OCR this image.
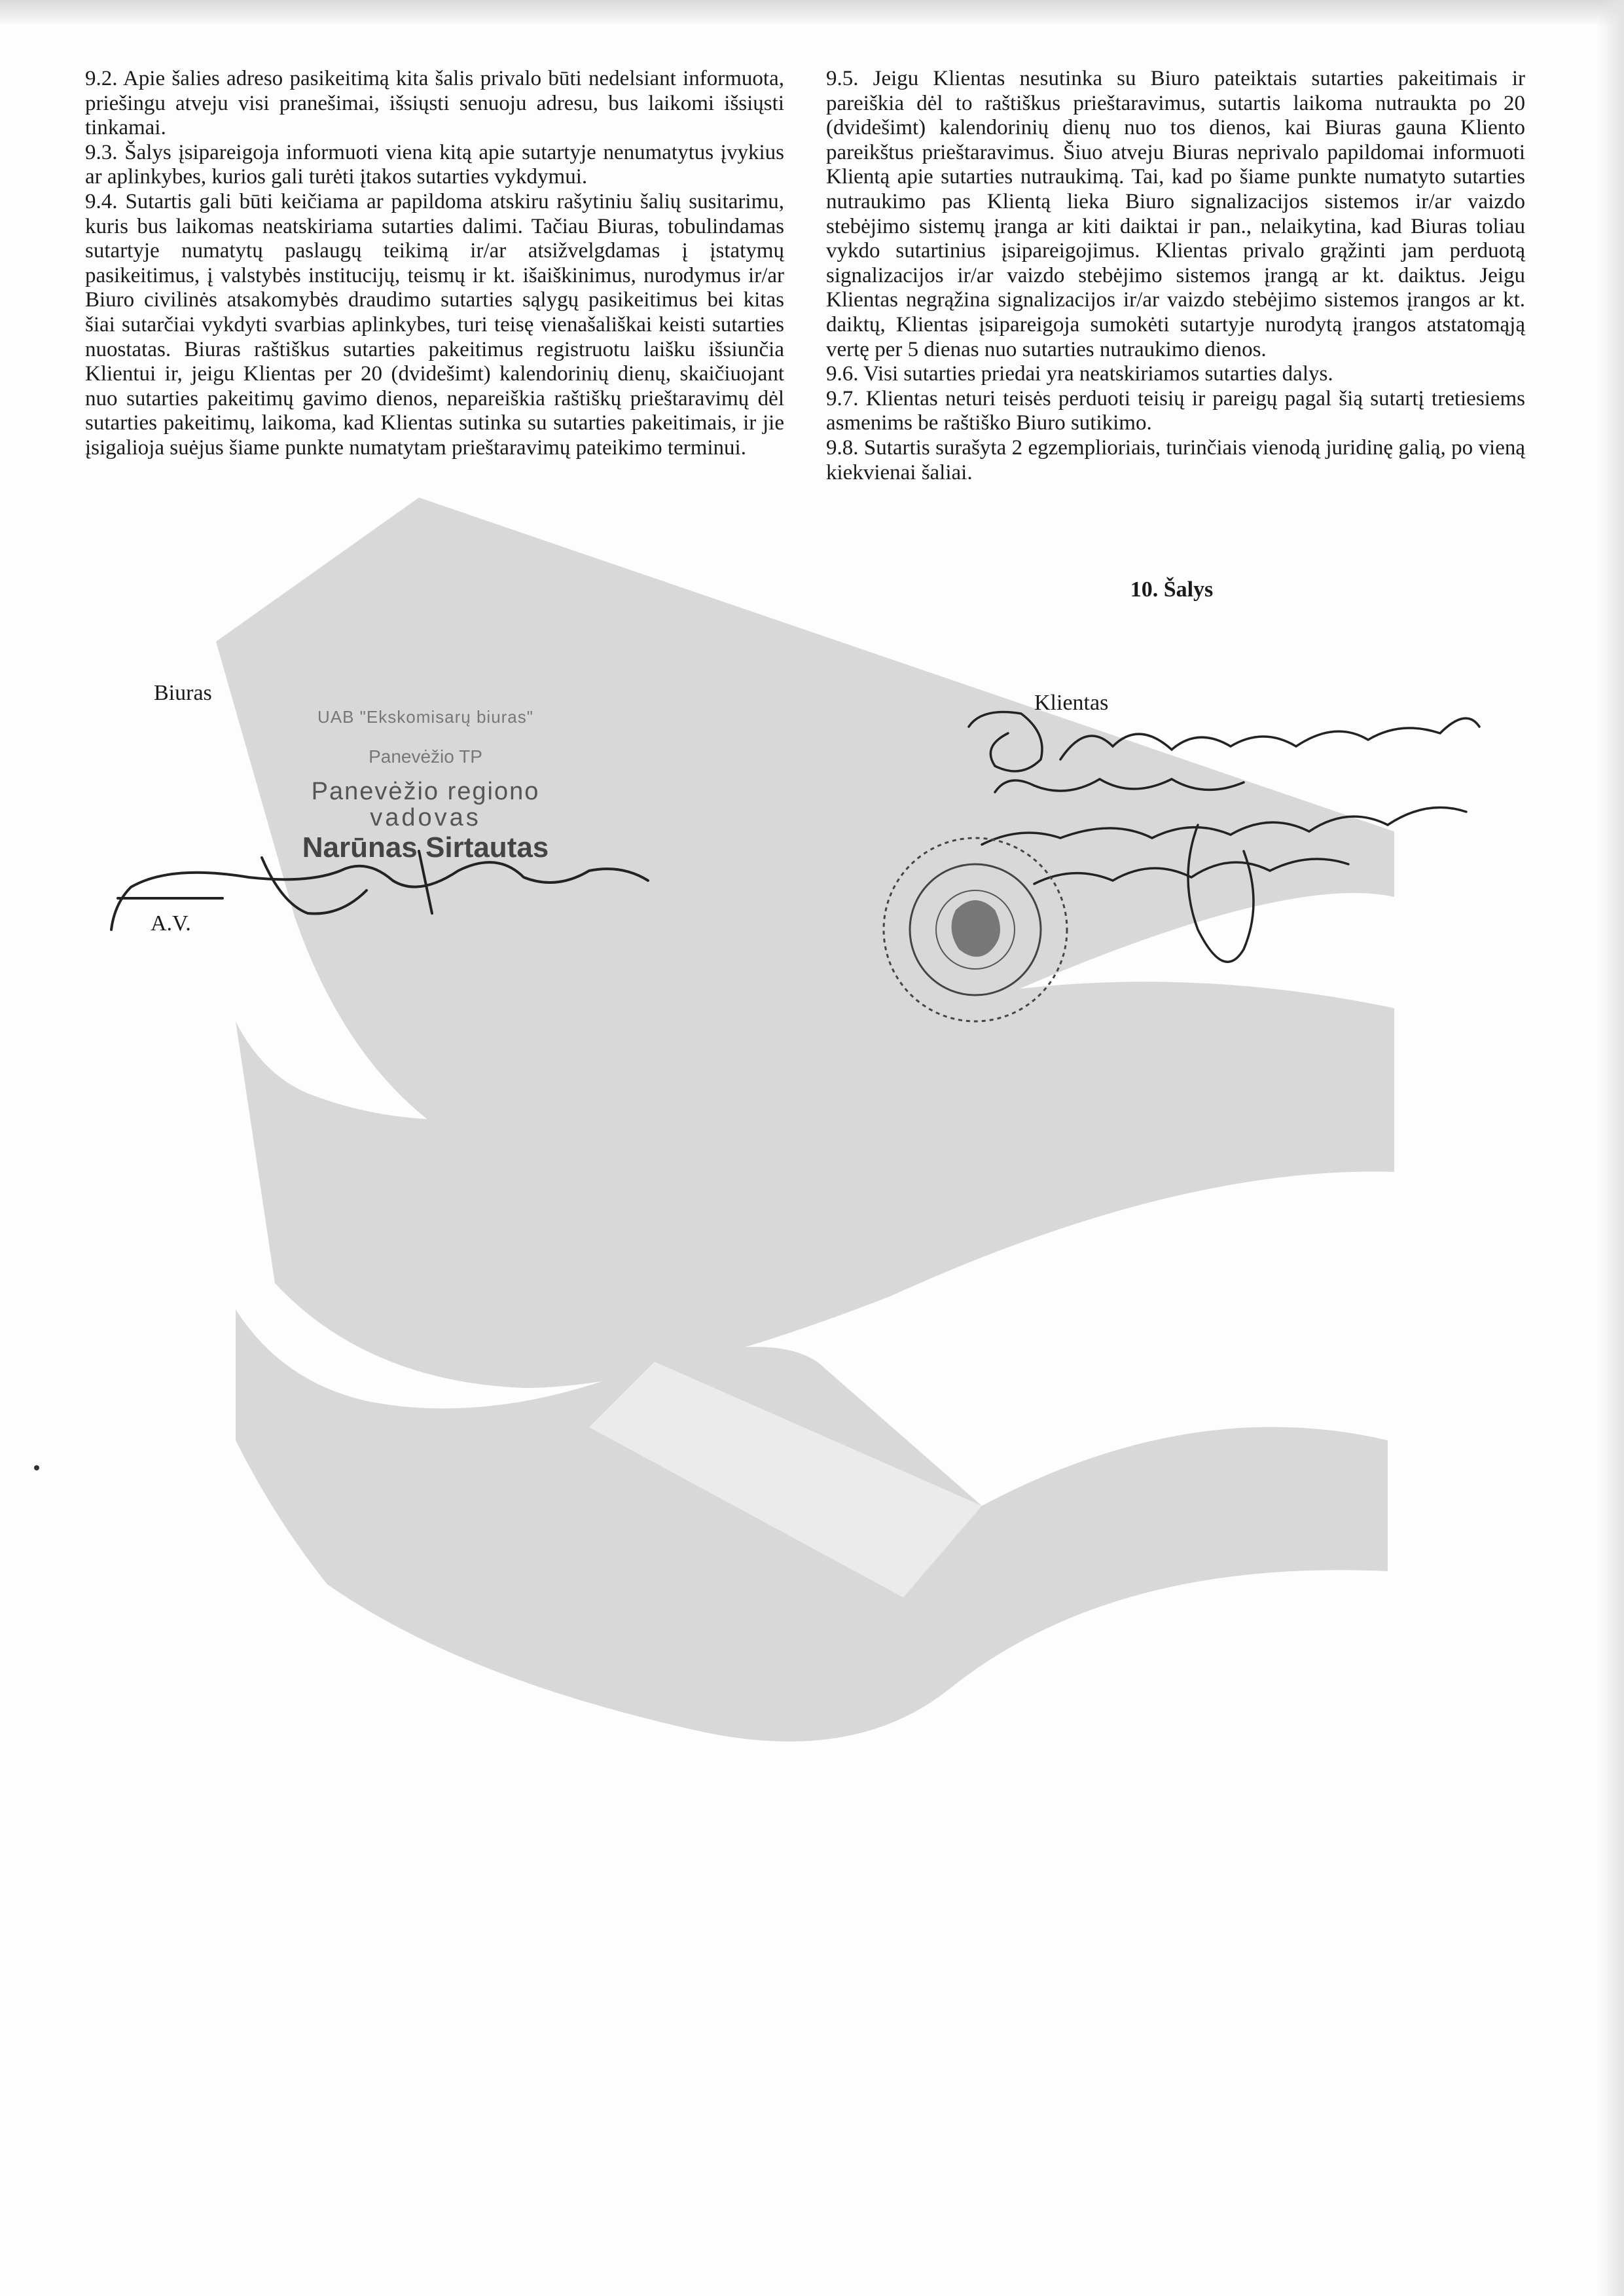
9.2. Apie šalies adreso pasikeitimą kita šalis privalo būti nedelsiant informuota, priešingu atveju visi pranešimai, išsiųsti senuoju adresu, bus laikomi išsiųsti tinkamai.

9.3. Šalys įsipareigoja informuoti viena kitą apie sutartyje nenumatytus įvykius ar aplinkybes, kurios gali turėti įtakos sutarties vykdymui.

9.4. Sutartis gali būti keičiama ar papildoma atskiru rašytiniu šalių susitarimu, kuris bus laikomas neatskiriama sutarties dalimi. Tačiau Biuras, tobulindamas sutartyje numatytų paslaugų teikimą ir/ar atsižvelgdamas į įstatymų pasikeitimus, į valstybės institucijų, teismų ir kt. išaiškinimus, nurodymus ir/ar Biuro civilinės atsakomybės draudimo sutarties sąlygų pasikeitimus bei kitas šiai sutarčiai vykdyti svarbias aplinkybes, turi teisę vienašališkai keisti sutarties nuostatas. Biuras raštiškus sutarties pakeitimus registruotu laišku išsiunčia Klientui ir, jeigu Klientas per 20 (dvidešimt) kalendorinių dienų, skaičiuojant nuo sutarties pakeitimų gavimo dienos, nepareiškia raštiškų prieštaravimų dėl sutarties pakeitimų, laikoma, kad Klientas sutinka su sutarties pakeitimais, ir jie įsigalioja suėjus šiame punkte numatytam prieštaravimų pateikimo terminui.

9.5. Jeigu Klientas nesutinka su Biuro pateiktais sutarties pakeitimais ir pareiškia dėl to raštiškus prieštaravimus, sutartis laikoma nutraukta po 20 (dvidešimt) kalendorinių dienų nuo tos dienos, kai Biuras gauna Kliento pareikštus prieštaravimus. Šiuo atveju Biuras neprivalo papildomai informuoti Klientą apie sutarties nutraukimą. Tai, kad po šiame punkte numatyto sutarties nutraukimo pas Klientą lieka Biuro signalizacijos sistemos ir/ar vaizdo stebėjimo sistemų įranga ar kiti daiktai ir pan., nelaikytina, kad Biuras toliau vykdo sutartinius įsipareigojimus. Klientas privalo grąžinti jam perduotą signalizacijos ir/ar vaizdo stebėjimo sistemos įrangą ar kt. daiktus. Jeigu Klientas negrąžina signalizacijos ir/ar vaizdo stebėjimo sistemos įrangos ar kt. daiktų, Klientas įsipareigoja sumokėti sutartyje nurodytą įrangos atstatomąją vertę per 5 dienas nuo sutarties nutraukimo dienos.

9.6. Visi sutarties priedai yra neatskiriamos sutarties dalys.

9.7. Klientas neturi teisės perduoti teisių ir pareigų pagal šią sutartį tretiesiems asmenims be raštiško Biuro sutikimo.

9.8. Sutartis surašyta 2 egzemplioriais, turinčiais vienodą juridinę galią, po vieną kiekvienai šaliai.

10. Šalys
Biuras	Klientas
A.V.
UAB "Ekskomisarų biuras"
Panevėžio TP
Panevėžio regiono
vadovas
Narūnas Sirtautas
